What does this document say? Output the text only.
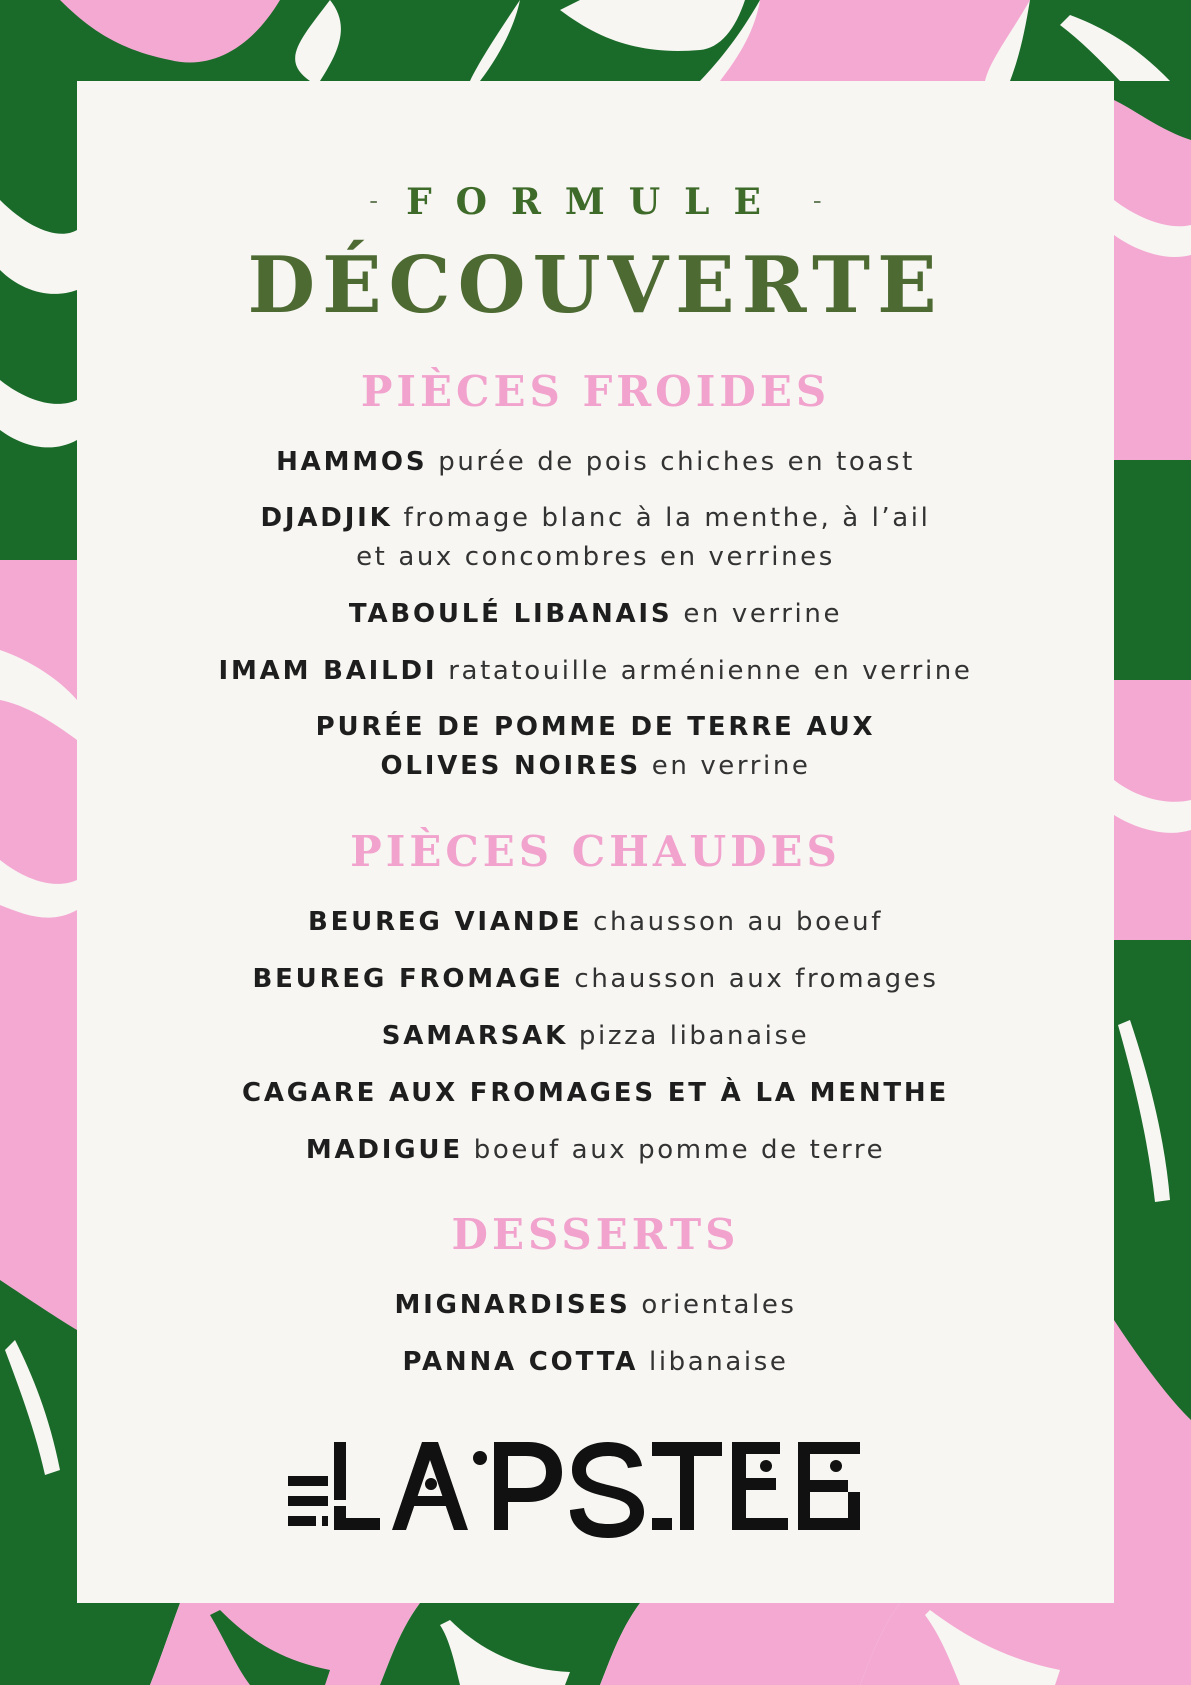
- FORMULE -
DÉCOUVERTE
PIÈCES FROIDES
HAMMOS purée de pois chiches en toast
DJADJIK fromage blanc à la menthe, à l’ail
et aux concombres en verrines
TABOULÉ LIBANAIS en verrine
IMAM BAILDI ratatouille arménienne en verrine
PURÉE DE POMME DE TERRE AUX
OLIVES NOIRES en verrine
PIÈCES CHAUDES
BEUREG VIANDE chausson au boeuf
BEUREG FROMAGE chausson aux fromages
SAMARSAK pizza libanaise
CAGARE AUX FROMAGES ET À LA MENTHE
MADIGUE boeuf aux pomme de terre
DESSERTS
MIGNARDISES orientales
PANNA COTTA libanaise
